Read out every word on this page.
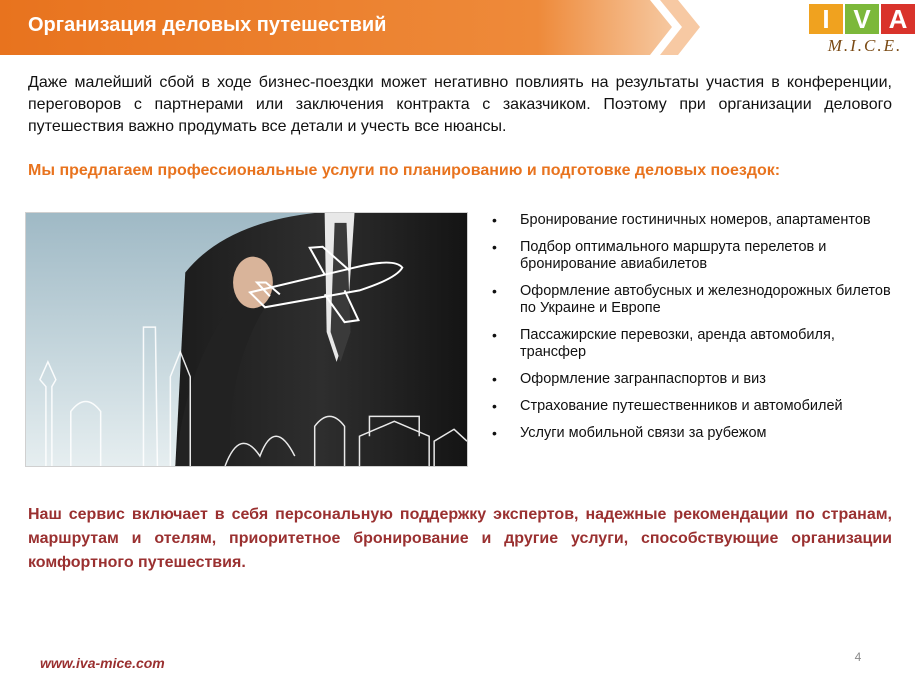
Организация деловых путешествий	I V A
M.I.C.E.
Даже малейший сбой в ходе бизнес-поездки может негативно повлиять на результаты участия в конференции, переговоров с партнерами или заключения контракта с заказчиком. Поэтому при организации делового путешествия важно продумать все детали и учесть все нюансы.
Мы предлагаем профессиональные услуги по планированию и подготовке деловых поездок:
• Бронирование гостиничных номеров, апартаментов
• Подбор оптимального маршрута перелетов и бронирование авиабилетов
• Оформление автобусных и железнодорожных билетов по Украине и Европе
• Пассажирские перевозки, аренда автомобиля, трансфер
• Оформление загранпаспортов и виз
• Страхование путешественников и автомобилей
• Услуги мобильной связи за рубежом
Наш сервис включает в себя персональную поддержку экспертов, надежные рекомендации по странам, маршрутам и отелям, приоритетное бронирование и другие услуги, способствующие организации комфортного путешествия.
4
www.iva-mice.com
